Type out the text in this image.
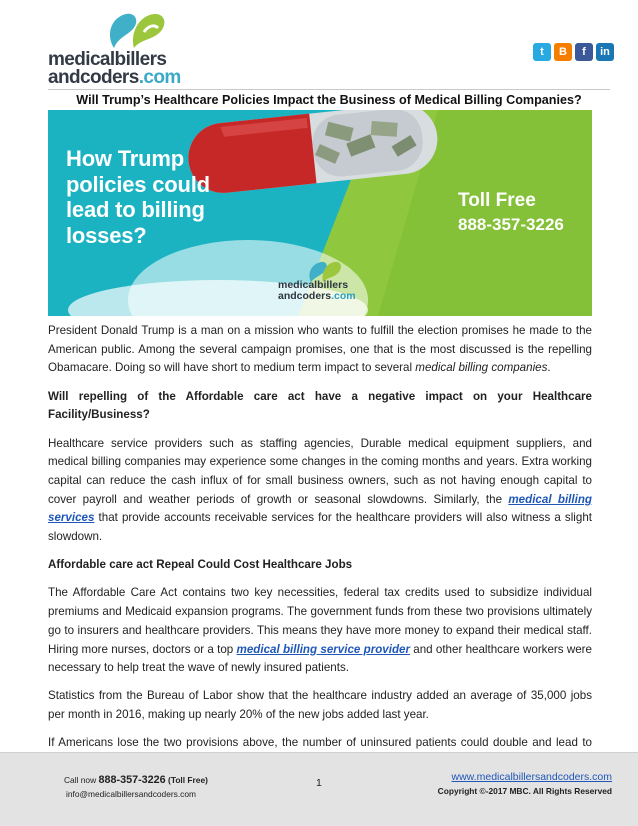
medicalbillers
andcoders.com
t	B	f	in
Will Trump’s Healthcare Policies Impact the Business of Medical Billing Companies?
How Trump
policies could
lead to billing
losses?
Toll Free
888-357-3226
medicalbillers
andcoders.com

President Donald Trump is a man on a mission who wants to fulfill the election promises he made to the American public. Among the several campaign promises, one that is the most discussed is the repelling Obamacare. Doing so will have short to medium term impact to several medical billing companies.

Will repelling of the Affordable care act have a negative impact on your Healthcare Facility/Business?

Healthcare service providers such as staffing agencies, Durable medical equipment suppliers, and medical billing companies may experience some changes in the coming months and years. Extra working capital can reduce the cash influx of for small business owners, such as not having enough capital to cover payroll and weather periods of growth or seasonal slowdowns. Similarly, the medical billing services that provide accounts receivable services for the healthcare providers will also witness a slight slowdown.

Affordable care act Repeal Could Cost Healthcare Jobs

The Affordable Care Act contains two key necessities, federal tax credits used to subsidize individual premiums and Medicaid expansion programs. The government funds from these two provisions ultimately go to insurers and healthcare providers. This means they have more money to expand their medical staff. Hiring more nurses, doctors or a top medical billing service provider and other healthcare workers were necessary to help treat the wave of newly insured patients.

Statistics from the Bureau of Labor show that the healthcare industry added an average of 35,000 jobs per month in 2016, making up nearly 20% of the new jobs added last year.

If Americans lose the two provisions above, the number of uninsured patients could double and lead to

Call now 888-357-3226 (Toll Free)
info@medicalbillersandcoders.com
1	www.medicalbillersandcoders.com
Copyright ©-2017 MBC. All Rights Reserved
